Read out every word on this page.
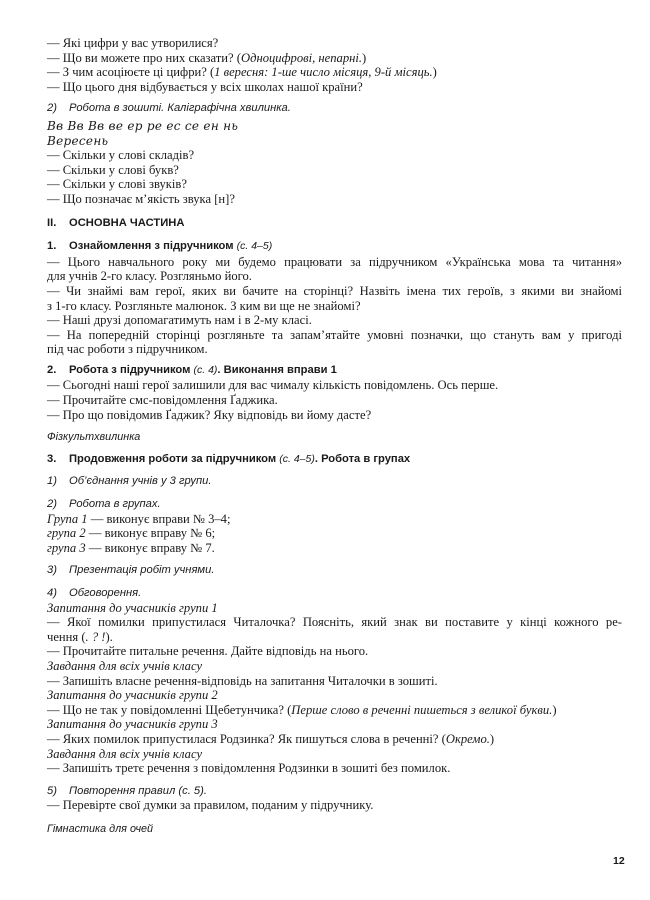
— Які цифри у вас утворилися?
— Що ви можете про них сказати? (Одноцифрові, непарні.)
— З чим асоціюєте ці цифри? (1 вересня: 1-ше число місяця, 9-й місяць.)
— Що цього дня відбувається у всіх школах нашої країни?
2) Робота в зошиті. Каліграфічна хвилинка.
Вв Вв Вв ве ер ре ес се ен нь
Вересень
— Скільки у слові складів?
— Скільки у слові букв?
— Скільки у слові звуків?
— Що позначає м’якість звука [н]?
II. ОСНОВНА ЧАСТИНА
1. Ознайомлення з підручником (с. 4–5)
— Цього навчального року ми будемо працювати за підручником «Українська мова та читання»
для учнів 2-го класу. Розгляньмо його.
— Чи знаймі вам герої, яких ви бачите на сторінці? Назвіть імена тих героїв, з якими ви знайомі
з 1-го класу. Розгляньте малюнок. З ким ви ще не знайомі?
— Наші друзі допомагатимуть нам і в 2-му класі.
— На попередній сторінці розгляньте та запам’ятайте умовні позначки, що стануть вам у пригоді
під час роботи з підручником.
2. Робота з підручником (с. 4). Виконання вправи 1
— Сьогодні наші герої залишили для вас чималу кількість повідомлень. Ось перше.
— Прочитайте смс-повідомлення Ґаджика.
— Про що повідомив Ґаджик? Яку відповідь ви йому дасте?
Фізкультхвилинка
3. Продовження роботи за підручником (с. 4–5). Робота в групах
1) Об’єднання учнів у 3 групи.
2) Робота в групах.
Група 1 — виконує вправи № 3–4;
група 2 — виконує вправу № 6;
група 3 — виконує вправу № 7.
3) Презентація робіт учнями.
4) Обговорення.
Запитання до учасників групи 1
— Якої помилки припустилася Читалочка? Поясніть, який знак ви поставите у кінці кожного ре-
чення (. ? !).
— Прочитайте питальне речення. Дайте відповідь на нього.
Завдання для всіх учнів класу
— Запишіть власне речення-відповідь на запитання Читалочки в зошиті.
Запитання до учасників групи 2
— Що не так у повідомленні Щебетунчика? (Перше слово в реченні пишеться з великої букви.)
Запитання до учасників групи 3
— Яких помилок припустилася Родзинка? Як пишуться слова в реченні? (Окремо.)
Завдання для всіх учнів класу
— Запишіть третє речення з повідомлення Родзинки в зошиті без помилок.
5) Повторення правил (с. 5).
— Перевірте свої думки за правилом, поданим у підручнику.
Гімнастика для очей
12
